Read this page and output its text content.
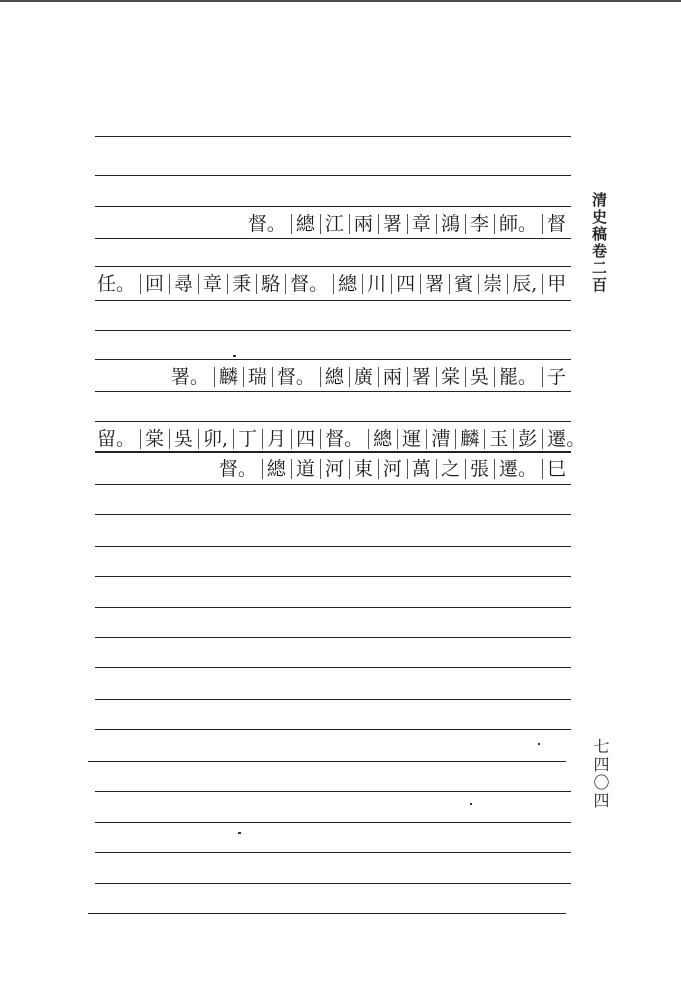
督。 總 江 兩 署 章 鴻 李 師。 督
任。 回 尋 章 秉 駱 督。 總 川 四 署 賓 崇 辰, 甲
署。 麟 瑞 督。 總 廣 兩 署 棠 吳 罷。 子
留。 棠 吳 卯, 丁 月 四 督。 總 運 漕 麟 玉 彭 遷。
督。 總 道 河 東 河 萬 之 張 遷。 巳
清史稿卷二百
七四〇四
